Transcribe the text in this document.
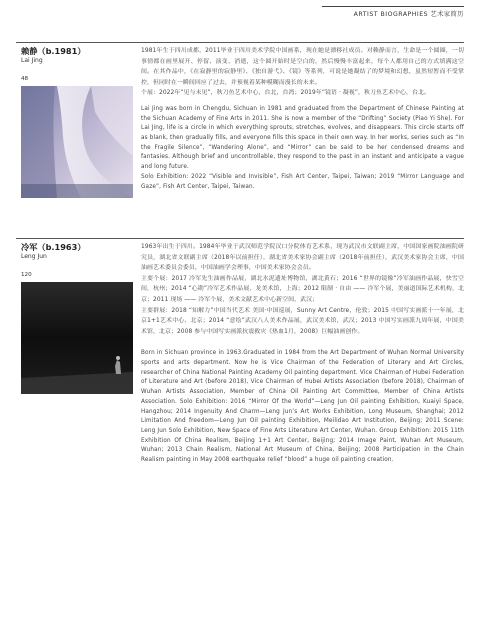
ARTIST BIOGRAPHIES 艺术家简历
赖静（b.1981）
Lai Jing
48

1981年生于四川成都，2011毕业于四川美术学院中国画系，现在她是漂移社成员。对赖静而言，生命是一个圆圈，一切事情都在画里展开、停留、演变、消逝，这个圆开始时是空白的，然后慢慢丰富起来，每个人都用自己的方式填满这空间。在其作品中，《在寂静里的寂静里》、《独自游弋》、《镜》等系列，可说是她凝结了的梦境和幻想，虽然短暂而不受掌控，但同时在一瞬间回应了过去，并预视着某种模糊而漫长的未来。

个展：2022年“见与未见”，秋刀鱼艺术中心，台北，台湾；2019年“镜语 · 凝视”，秋刀鱼艺术中心，台北。

Lai Jing was born in Chengdu, Sichuan in 1981 and graduated from the Department of Chinese Painting at the Sichuan Academy of Fine Arts in 2011. She is now a member of the “Drifting” Society (Piao Yi She). For Lai Jing, life is a circle in which everything sprouts, stretches, evolves, and disappears. This circle starts off as blank, then gradually fills, and everyone fills this space in their own way. In her works, series such as “In the Fragile Silence”, “Wandering Alone”, and “Mirror” can be said to be her condensed dreams and fantasies. Although brief and uncontrollable, they respond to the past in an instant and anticipate a vague and long future.

Solo Exhibition: 2022 “Visible and Invisible”, Fish Art Center, Taipei, Taiwan; 2019 “Mirror Language and Gaze”, Fish Art Center, Taipei, Taiwan.

冷军（b.1963）
Leng Jun
120

1963年出生于四川。1984年毕业于武汉师范学院汉口分院体育艺术系，现为武汉市文联副主席，中国国家画院油画院研究员，湖北省文联副主席（2018年以前担任），湖北省美术家协会副主席（2018年前担任），武汉美术家协会主席，中国油画艺术委员会委员，中国油画学会理事，中国美术家协会会员。

主要个展：2017 冷军先生油画作品展，湖北水泥遗址博物馆，湖北黄石；2016 “世界的镜像”冷军油画作品展，快雪空间，杭州；2014 “心勘”冷军艺术作品展，龙美术馆，上海；2012 限制 · 自由 —— 冷军个展，美丽道国际艺术机构，北京；2011 现场 —— 冷军个展，美术文献艺术中心新空间，武汉；

主要群展：2018 “知解力”中国当代艺术 美国·中国巡展，Sunny Art Centre，伦敦；2015 中国写实画派十一年展，北京1+1艺术中心，北京；2014 “意绘”武汉八人美术作品展，武汉美术馆，武汉；2013 中国写实画派九周年展，中国美术馆，北京；2008 参与中国写实画派抗震救灾《热血1月，2008》巨幅油画创作。

Born in Sichuan province in 1963.Graduated in 1984 from the Art Department of Wuhan Normal University sports and arts department. Now he is Vice Chairman of the Federation of Literary and Art Circles, researcher of China National Painting Academy Oil painting department. Vice Chairman of Hubei Federation of Literature and Art (before 2018), Vice Chairman of Hubei Artists Association (before 2018), Chairman of Wuhan Artists Association, Member of China Oil Painting Art Committee, Member of China Artists Association. Solo Exhibition: 2016 “Mirror Of the World”—Leng Jun Oil painting Exhibition, Kuaiyi Space, Hangzhou; 2014 Ingenuity And Charm—Leng Jun’s Art Works Exhibition, Long Museum, Shanghai; 2012 Limitation And freedom—Leng Jun Oil painting Exhibition, Meilidao Art Institution, Beijing; 2011 Scene: Leng Jun Solo Exhibition, New Space of Fine Arts Literature Art Center, Wuhan. Group Exhibition: 2015 11th Exhibition Of China Realism, Beijing 1+1 Art Center, Beijing; 2014 Image Paint, Wuhan Art Museum, Wuhan; 2013 Chain Realism, National Art Museum of China, Beijing; 2008 Participation in the Chain Realism painting in May 2008 earthquake relief “blood” a huge oil painting creation.
